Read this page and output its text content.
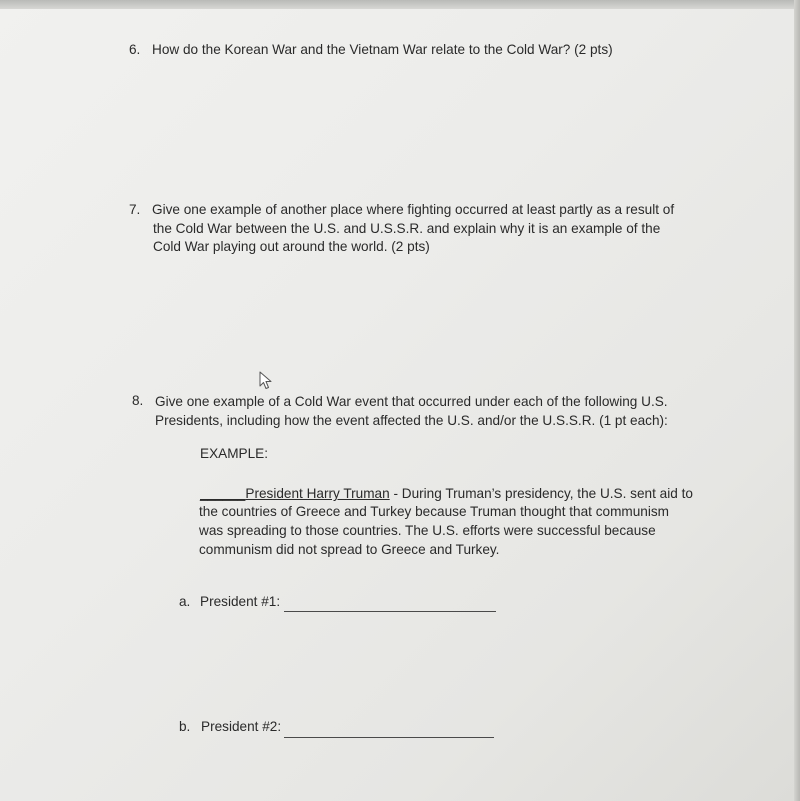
6. How do the Korean War and the Vietnam War relate to the Cold War? (2 pts)
7. Give one example of another place where fighting occurred at least partly as a result of
the Cold War between the U.S. and U.S.S.R. and explain why it is an example of the
Cold War playing out around the world. (2 pts)
8. Give one example of a Cold War event that occurred under each of the following U.S.
Presidents, including how the event affected the U.S. and/or the U.S.S.R. (1 pt each):
EXAMPLE:
______President Harry Truman - During Truman’s presidency, the U.S. sent aid to
the countries of Greece and Turkey because Truman thought that communism
was spreading to those countries. The U.S. efforts were successful because
communism did not spread to Greece and Turkey.
a. President #1:
b. President #2:
